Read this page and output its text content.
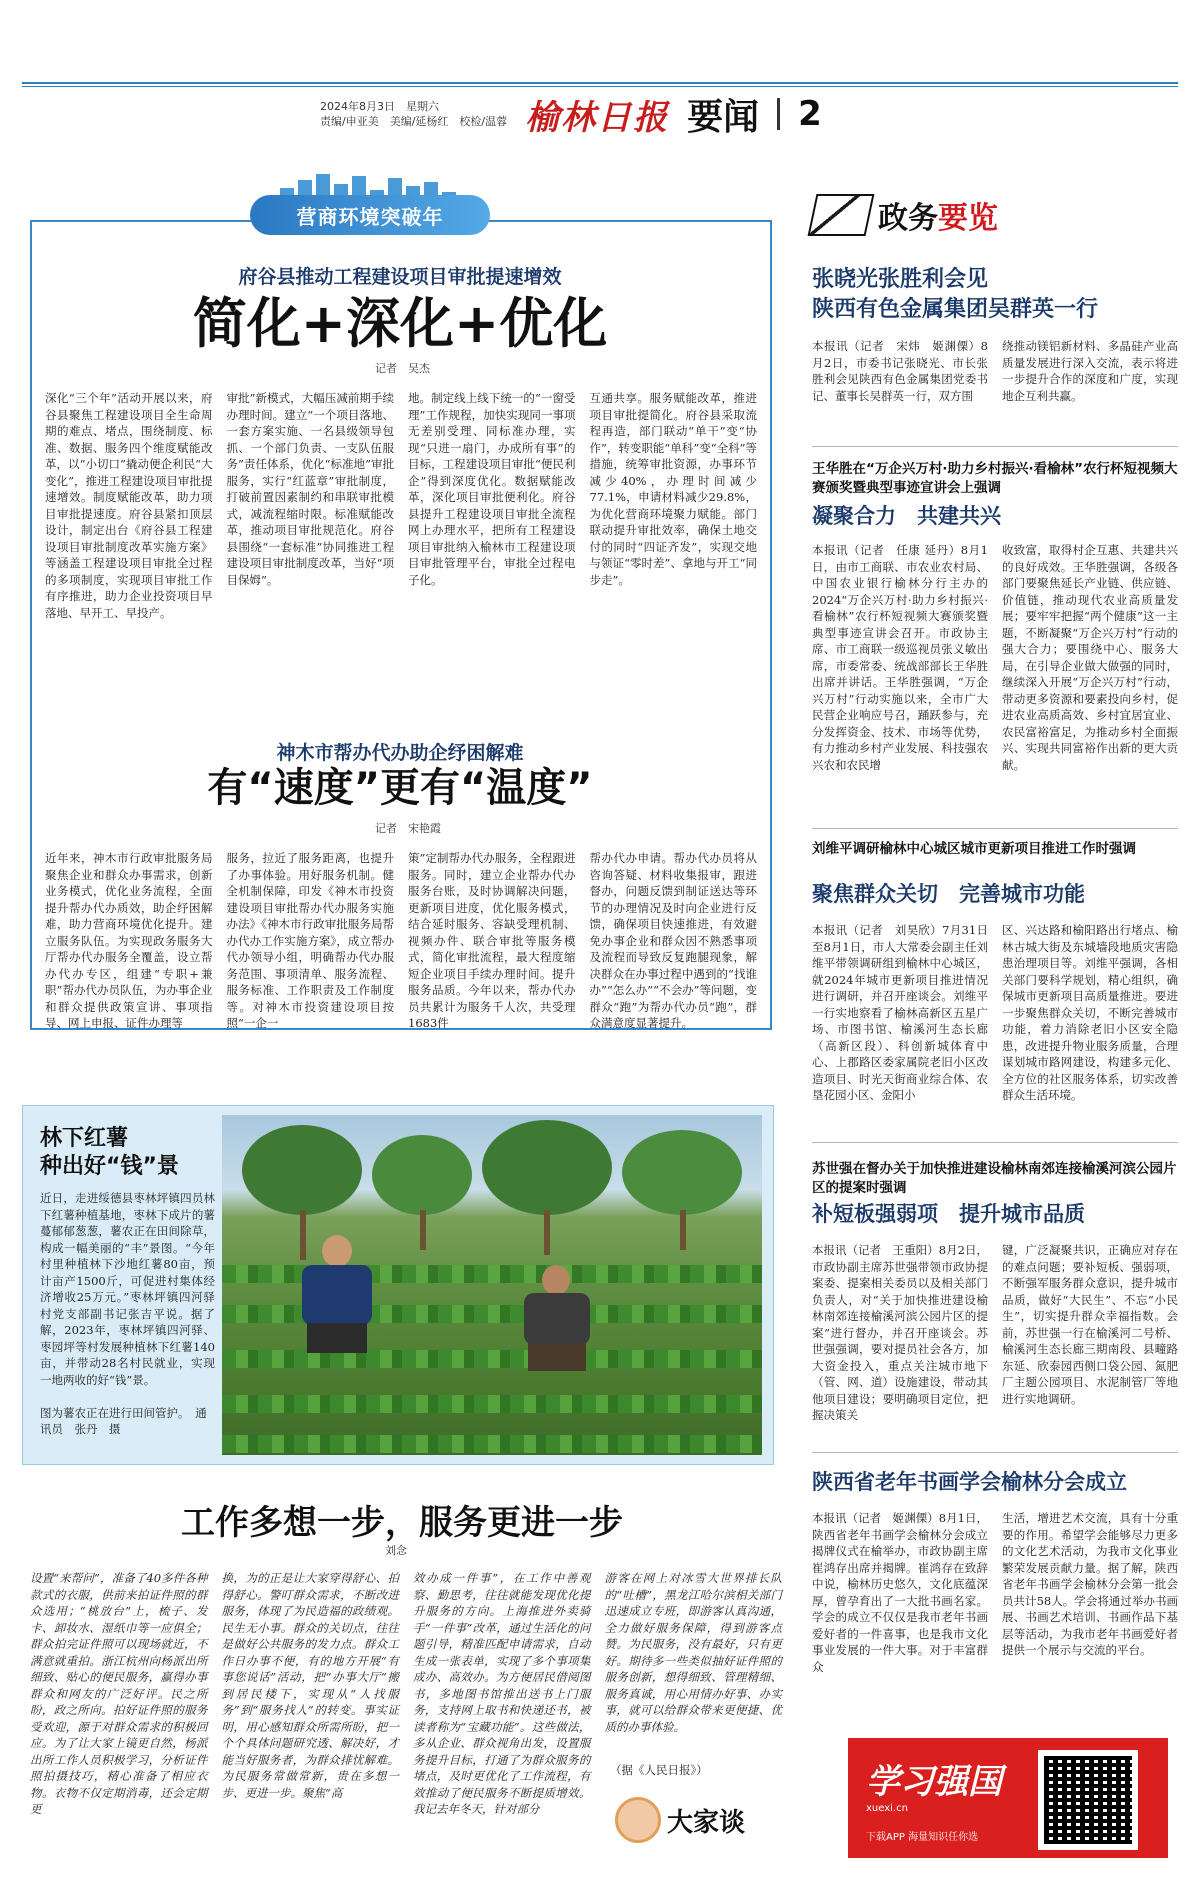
2024年8月3日　星期六
责编/申亚美　美编/延杨红　校检/温蓉 榆林日报 要闻 2
营商环境突破年
府谷县推动工程建设项目审批提速增效
简化+深化+优化
记者　吴杰

深化“三个年”活动开展以来，府谷县聚焦工程建设项目全生命周期的难点、堵点，围绕制度、标准、数据、服务四个维度赋能改革，以“小切口”撬动便企利民“大变化”，推进工程建设项目审批提速增效。制度赋能改革，助力项目审批提速度。府谷县紧扣顶层设计，制定出台《府谷县工程建设项目审批制度改革实施方案》等涵盖工程建设项目审批全过程的多项制度，实现项目审批工作有序推进，助力企业投资项目早落地、早开工、早投产。

审批”新模式，大幅压减前期手续办理时间。建立“一个项目落地、一套方案实施、一名县级领导包抓、一个部门负责、一支队伍服务”责任体系，优化“标准地”审批服务，实行“红蓝章”审批制度，打破前置因素制约和串联审批模式，减流程缩时限。标准赋能改革，推动项目审批规范化。府谷县围绕“一套标准”协同推进工程建设项目审批制度改革，当好“项目保姆”。

地。制定线上线下统一的“一窗受理”工作规程，加快实现同一事项无差别受理、同标准办理，实现“只进一扇门，办成所有事”的目标，工程建设项目审批“便民利企”得到深度优化。数据赋能改革，深化项目审批便利化。府谷县提升工程建设项目审批全流程网上办理水平，把所有工程建设项目审批纳入榆林市工程建设项目审批管理平台，审批全过程电子化。

互通共享。服务赋能改革，推进项目审批提简化。府谷县采取流程再造，部门联动“单干”变“协作”，转变职能“单科”变“全科”等措施，统筹审批资源，办事环节减少40%，办理时间减少77.1%，申请材料减少29.8%，为优化营商环境聚力赋能。部门联动提升审批效率，确保土地交付的同时“四证齐发”，实现交地与领证“零时差”、拿地与开工“同步走”。

神木市帮办代办助企纾困解难
有“速度”更有“温度”
记者　宋艳霞

近年来，神木市行政审批服务局聚焦企业和群众办事需求，创新业务模式，优化业务流程，全面提升帮办代办质效，助企纾困解难，助力营商环境优化提升。建立服务队伍。为实现政务服务大厅帮办代办服务全覆盖，设立帮办代办专区，组建“专职+兼职”帮办代办员队伍，为办事企业和群众提供政策宣讲、事项指导、网上申报、证件办理等

服务，拉近了服务距离，也提升了办事体验。用好服务机制。健全机制保障，印发《神木市投资建设项目审批帮办代办服务实施办法》《神木市行政审批服务局帮办代办工作实施方案》，成立帮办代办领导小组，明确帮办代办服务范围、事项清单、服务流程、服务标准、工作职责及工作制度等。对神木市投资建设项目按照“一企一

策”定制帮办代办服务，全程跟进服务。同时，建立企业帮办代办服务台账，及时协调解决问题，更新项目进度，优化服务模式，结合延时服务、容缺受理机制、视频办件、联合审批等服务模式，简化审批流程，最大程度缩短企业项目手续办理时间。提升服务品质。今年以来，帮办代办员共累计为服务千人次，共受理1683件

帮办代办申请。帮办代办员将从咨询答疑、材料收集报审，跟进督办，问题反馈到制证送达等环节的办理情况及时向企业进行反馈，确保项目快速推进，有效避免办事企业和群众因不熟悉事项及流程而导致反复跑腿现象，解决群众在办事过程中遇到的“找谁办”“怎么办”“不会办”等问题，变群众“跑”为帮办代办员“跑”，群众满意度显著提升。

林下红薯
种出好“钱”景
近日，走进绥德县枣林坪镇四员林下红薯种植基地，枣林下成片的薯蔓郁郁葱葱，薯农正在田间除草，构成一幅美丽的“丰”景图。“今年村里种植林下沙地红薯80亩，预计亩产1500斤，可促进村集体经济增收25万元。”枣林坪镇四河驿村党支部副书记张吉平说。据了解，2023年，枣林坪镇四河驿、枣园坪等村发展种植林下红薯140亩，并带动28名村民就业，实现一地两收的好“钱”景。
图为薯农正在进行田间管护。　通讯员　张丹　摄
工作多想一步，服务更进一步
刘念

设置“来帮问”，准备了40多件各种款式的衣服，供前来拍证件照的群众选用；“桃放台”上，梳子、发卡、卸妆水、湿纸巾等一应俱全；群众拍完证件照可以现场就近，不满意就重拍。浙江杭州向杨派出所细致、贴心的便民服务，赢得办事群众和网友的广泛好评。民之所盼，政之所向。拍好证件照的服务受欢迎，源于对群众需求的积极回应。为了让大家上镜更自然，杨派出所工作人员积极学习，分析证件照拍摄技巧，精心准备了相应衣物。衣物不仅定期消毒，还会定期更

换，为的正是让大家穿得舒心、拍得舒心。警叮群众需求，不断改进服务，体现了为民造福的政绩观。民生无小事。群众的关切点，往往是做好公共服务的发力点。群众工作日办事不便，有的地方开展“有事您说话”活动，把“办事大厅”搬到居民楼下，实现从“人找服务”到“服务找人”的转变。事实证明，用心感知群众所需所盼，把一个个具体问题研究透、解决好，才能当好服务者，为群众排忧解难。为民服务常做常新，贵在多想一步、更进一步。聚焦“高

效办成一件事”，在工作中善观察、勤思考，往往就能发现优化提升服务的方向。上海推进外卖骑手“一件事”改革，通过生活化的问题引导，精准匹配申请需求，自动生成一张表单，实现了多个事项集成办、高效办。为方便居民借阅图书，多地图书馆推出送书上门服务，支持网上取书和快递还书，被读者称为“宝藏功能”。这些做法，多从企业、群众视角出发，设置服务提升目标，打通了为群众服务的堵点，及时更优化了工作流程，有效推动了便民服务不断提质增效。我记去年冬天，针对部分

游客在网上对冰雪大世界排长队的“吐槽”，黑龙江哈尔滨相关部门迅速成立专班，即游客认真沟通，全力做好服务保障，得到游客点赞。为民服务，没有最好，只有更好。期待多一些类似抽好证件照的服务创新，想得细致、管理精细、服务真诚，用心用情办好事、办实事，就可以给群众带来更便捷、优质的办事体验。

（据《人民日报》）
大家谈
政务 要览
张晓光张胜利会见
陕西有色金属集团吴群英一行

本报讯（记者　宋炜　姬渊傈）8月2日，市委书记张晓光、市长张胜利会见陕西有色金属集团党委书记、董事长吴群英一行，双方围

绕推动镁铝新材料、多晶硅产业高质量发展进行深入交流，表示将进一步提升合作的深度和广度，实现地企互利共赢。

王华胜在“万企兴万村·助力乡村振兴·看榆林”农行杯短视频大赛颁奖暨典型事迹宣讲会上强调
凝聚合力　共建共兴

本报讯（记者　任康 延丹）8月1日，由市工商联、市农业农村局、中国农业银行榆林分行主办的2024“万企兴万村·助力乡村振兴·看榆林”农行杯短视频大赛颁奖暨典型事迹宣讲会召开。市政协主席、市工商联一级巡视员张义敏出席，市委常委、统战部部长王华胜出席并讲话。王华胜强调，“万企兴万村”行动实施以来，全市广大民营企业响应号召，踊跃参与，充分发挥资金、技术、市场等优势，有力推动乡村产业发展、科技强农兴农和农民增

收致富，取得村企互惠、共建共兴的良好成效。王华胜强调，各级各部门要聚焦延长产业链、供应链、价值链，推动现代农业高质量发展；要牢牢把握“两个健康”这一主题，不断凝聚“万企兴万村”行动的强大合力；要围绕中心、服务大局，在引导企业做大做强的同时，继续深入开展“万企兴万村”行动，带动更多资源和要素投向乡村，促进农业高质高效、乡村宜居宜业、农民富裕富足，为推动乡村全面振兴、实现共同富裕作出新的更大贡献。

刘维平调研榆林中心城区城市更新项目推进工作时强调
聚焦群众关切　完善城市功能

本报讯（记者　刘昊欣）7月31日至8月1日，市人大常委会副主任刘维平带领调研组到榆林中心城区，就2024年城市更新项目推进情况进行调研，并召开座谈会。刘维平一行实地察看了榆林高新区五星广场、市图书馆、榆溪河生态长廊（高新区段）、科创新城体育中心、上郡路区委家属院老旧小区改造项目、时光天街商业综合体、农垦花园小区、金阳小

区、兴达路和榆阳路出行堵点、榆林古城大街及东城墙段地质灾害隐患治理项目等。刘维平强调，各相关部门要科学规划，精心组织，确保城市更新项目高质量推进。要进一步聚焦群众关切，不断完善城市功能，着力消除老旧小区安全隐患，改进提升物业服务质量，合理谋划城市路网建设，构建多元化、全方位的社区服务体系，切实改善群众生活环境。

苏世强在督办关于加快推进建设榆林南郊连接榆溪河滨公园片区的提案时强调
补短板强弱项　提升城市品质

本报讯（记者　王重阳）8月2日，市政协副主席苏世强带领市政协提案委、提案相关委员以及相关部门负责人，对“关于加快推进建设榆林南郊连接榆溪河滨公园片区的提案”进行督办，并召开座谈会。苏世强强调，要对提员社会各方，加大资金投入，重点关注城市地下（管、网、道）设施建设，带动其他项目建设；要明确项目定位，把握决策关

键，广泛凝聚共识，正确应对存在的难点问题；要补短板、强弱项，不断强军服务群众意识，提升城市品质，做好“大民生”、不忘“小民生”，切实提升群众幸福指数。会前，苏世强一行在榆溪河二号桥、榆溪河生态长廊三期南段、县疃路东延、欣泰园西侧口袋公园、氮肥厂主题公园项目、水泥制管厂等地进行实地调研。

陕西省老年书画学会榆林分会成立

本报讯（记者　姬渊傈）8月1日，陕西省老年书画学会榆林分会成立揭牌仪式在榆举办，市政协副主席崔鸿存出席并揭牌。崔鸿存在致辞中说，榆林历史悠久，文化底蕴深厚，曾孕育出了一大批书画名家。学会的成立不仅仅是我市老年书画爱好者的一件喜事，也是我市文化事业发展的一件大事。对于丰富群众

生活，增进艺术交流，具有十分重要的作用。希望学会能够尽力更多的文化艺术活动，为我市文化事业繁荣发展贡献力量。据了解，陕西省老年书画学会榆林分会第一批会员共计58人。学会将通过举办书画展、书画艺术培训、书画作品下基层等活动，为我市老年书画爱好者提供一个展示与交流的平台。

学习强国
xuexi.cn
下载APP 海量知识任你选
